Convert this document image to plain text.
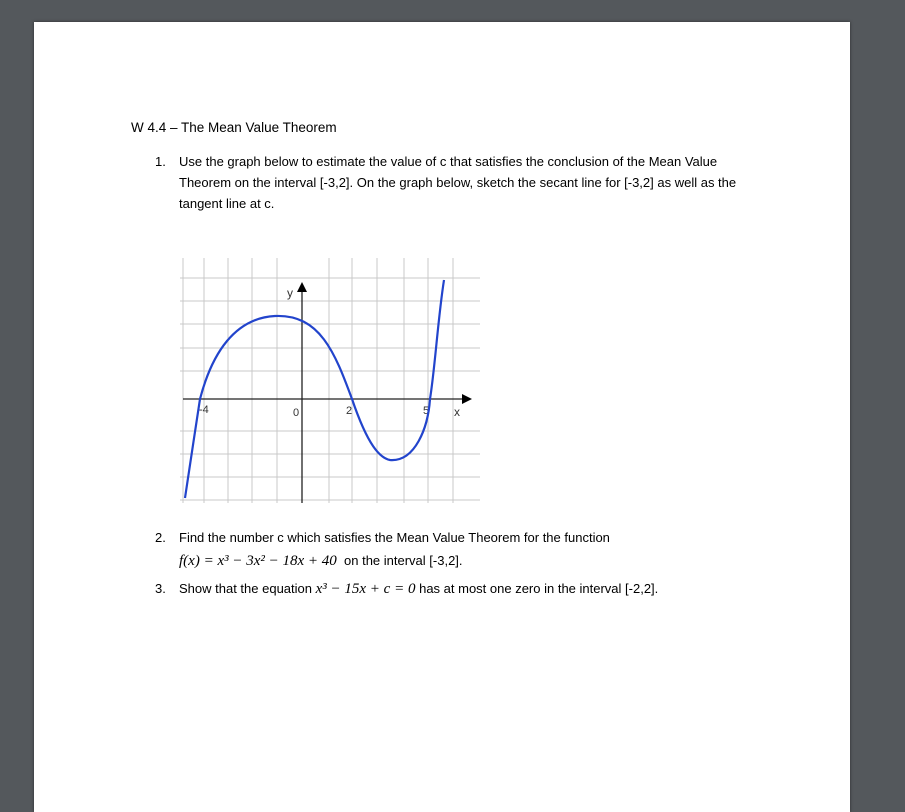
W 4.4 – The Mean Value Theorem
1. Use the graph below to estimate the value of c that satisfies the conclusion of the Mean Value Theorem on the interval [-3,2]. On the graph below, sketch the secant line for [-3,2] as well as the tangent line at c.
y
x
-4	0	2	5
2. Find the number c which satisfies the Mean Value Theorem for the function
f(x) = x³ − 3x² − 18x + 40 on the interval [-3,2].
3. Show that the equation x³ − 15x + c = 0 has at most one zero in the interval [-2,2].
